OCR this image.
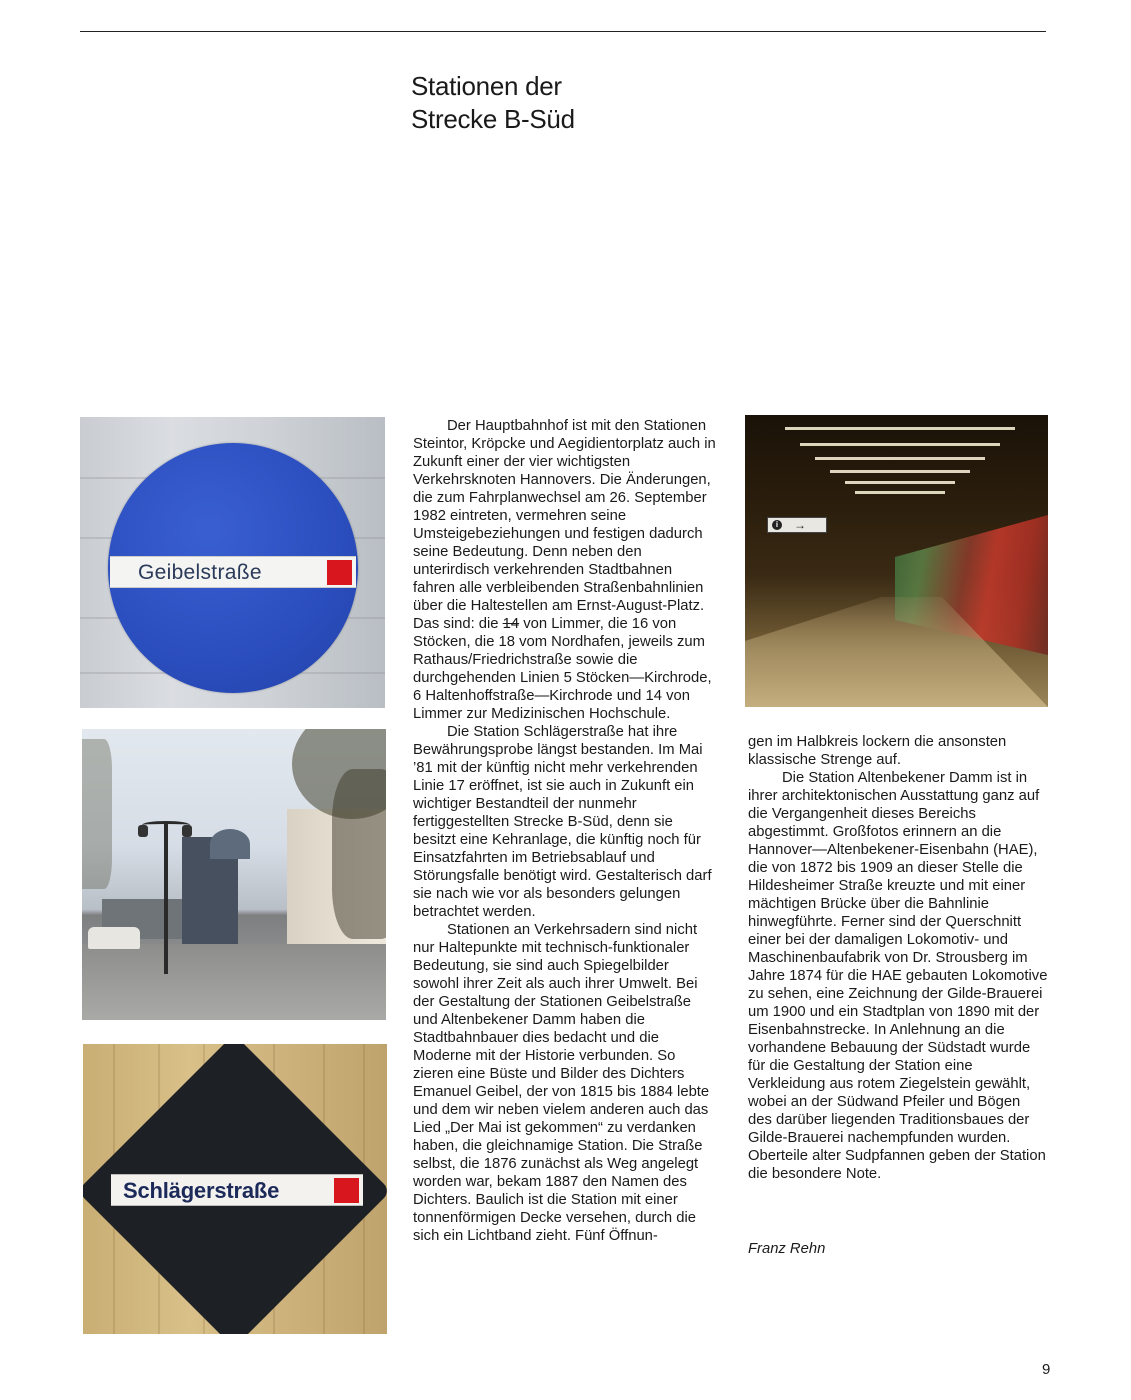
Stationen der
Strecke B-Süd
Geibelstraße
Schlägerstraße
i	→

Der Hauptbahnhof ist mit den Stationen Steintor, Kröpcke und Aegidientorplatz auch in Zukunft einer der vier wichtigsten Verkehrsknoten Hannovers. Die Änderungen, die zum Fahrplanwechsel am 26. September 1982 eintreten, vermehren seine Umsteigebeziehungen und festigen dadurch seine Bedeutung. Denn neben den unterirdisch verkehrenden Stadtbahnen fahren alle verbleibenden Straßenbahnlinien über die Haltestellen am Ernst-August-Platz. Das sind: die 14 von Limmer, die 16 von Stöcken, die 18 vom Nordhafen, jeweils zum Rathaus/Friedrichstraße sowie die durchgehenden Linien 5 Stöcken—Kirchrode, 6 Haltenhoffstraße—Kirchrode und 14 von Limmer zur Medizinischen Hochschule.

Die Station Schlägerstraße hat ihre Bewährungsprobe längst bestanden. Im Mai ’81 mit der künftig nicht mehr verkehrenden Linie 17 eröffnet, ist sie auch in Zukunft ein wichtiger Bestandteil der nunmehr fertiggestellten Strecke B-Süd, denn sie besitzt eine Kehranlage, die künftig noch für Einsatzfahrten im Betriebsablauf und Störungsfalle benötigt wird. Gestalterisch darf sie nach wie vor als besonders gelungen betrachtet werden.

Stationen an Verkehrsadern sind nicht nur Haltepunkte mit technisch-funktionaler Bedeutung, sie sind auch Spiegelbilder sowohl ihrer Zeit als auch ihrer Umwelt. Bei der Gestaltung der Stationen Geibelstraße und Altenbekener Damm haben die Stadtbahnbauer dies bedacht und die Moderne mit der Historie verbunden. So zieren eine Büste und Bilder des Dichters Emanuel Geibel, der von 1815 bis 1884 lebte und dem wir neben vielem anderen auch das Lied „Der Mai ist gekommen“ zu verdanken haben, die gleichnamige Station. Die Straße selbst, die 1876 zunächst als Weg angelegt worden war, bekam 1887 den Namen des Dichters. Baulich ist die Station mit einer tonnenförmigen Decke versehen, durch die sich ein Lichtband zieht. Fünf Öffnun-

gen im Halbkreis lockern die ansonsten klassische Strenge auf.

Die Station Altenbekener Damm ist in ihrer architektonischen Ausstattung ganz auf die Vergangenheit dieses Bereichs abgestimmt. Großfotos erinnern an die Hannover—Altenbekener-Eisenbahn (HAE), die von 1872 bis 1909 an dieser Stelle die Hildesheimer Straße kreuzte und mit einer mächtigen Brücke über die Bahnlinie hinwegführte. Ferner sind der Querschnitt einer bei der damaligen Lokomotiv- und Maschinenbaufabrik von Dr. Strousberg im Jahre 1874 für die HAE gebauten Lokomotive zu sehen, eine Zeichnung der Gilde-Brauerei um 1900 und ein Stadtplan von 1890 mit der Eisenbahnstrecke. In Anlehnung an die vorhandene Bebauung der Südstadt wurde für die Gestaltung der Station eine Verkleidung aus rotem Ziegelstein gewählt, wobei an der Südwand Pfeiler und Bögen des darüber liegenden Traditionsbaues der Gilde-Brauerei nachempfunden wurden. Oberteile alter Sudpfannen geben der Station die besondere Note.

Franz Rehn
9
